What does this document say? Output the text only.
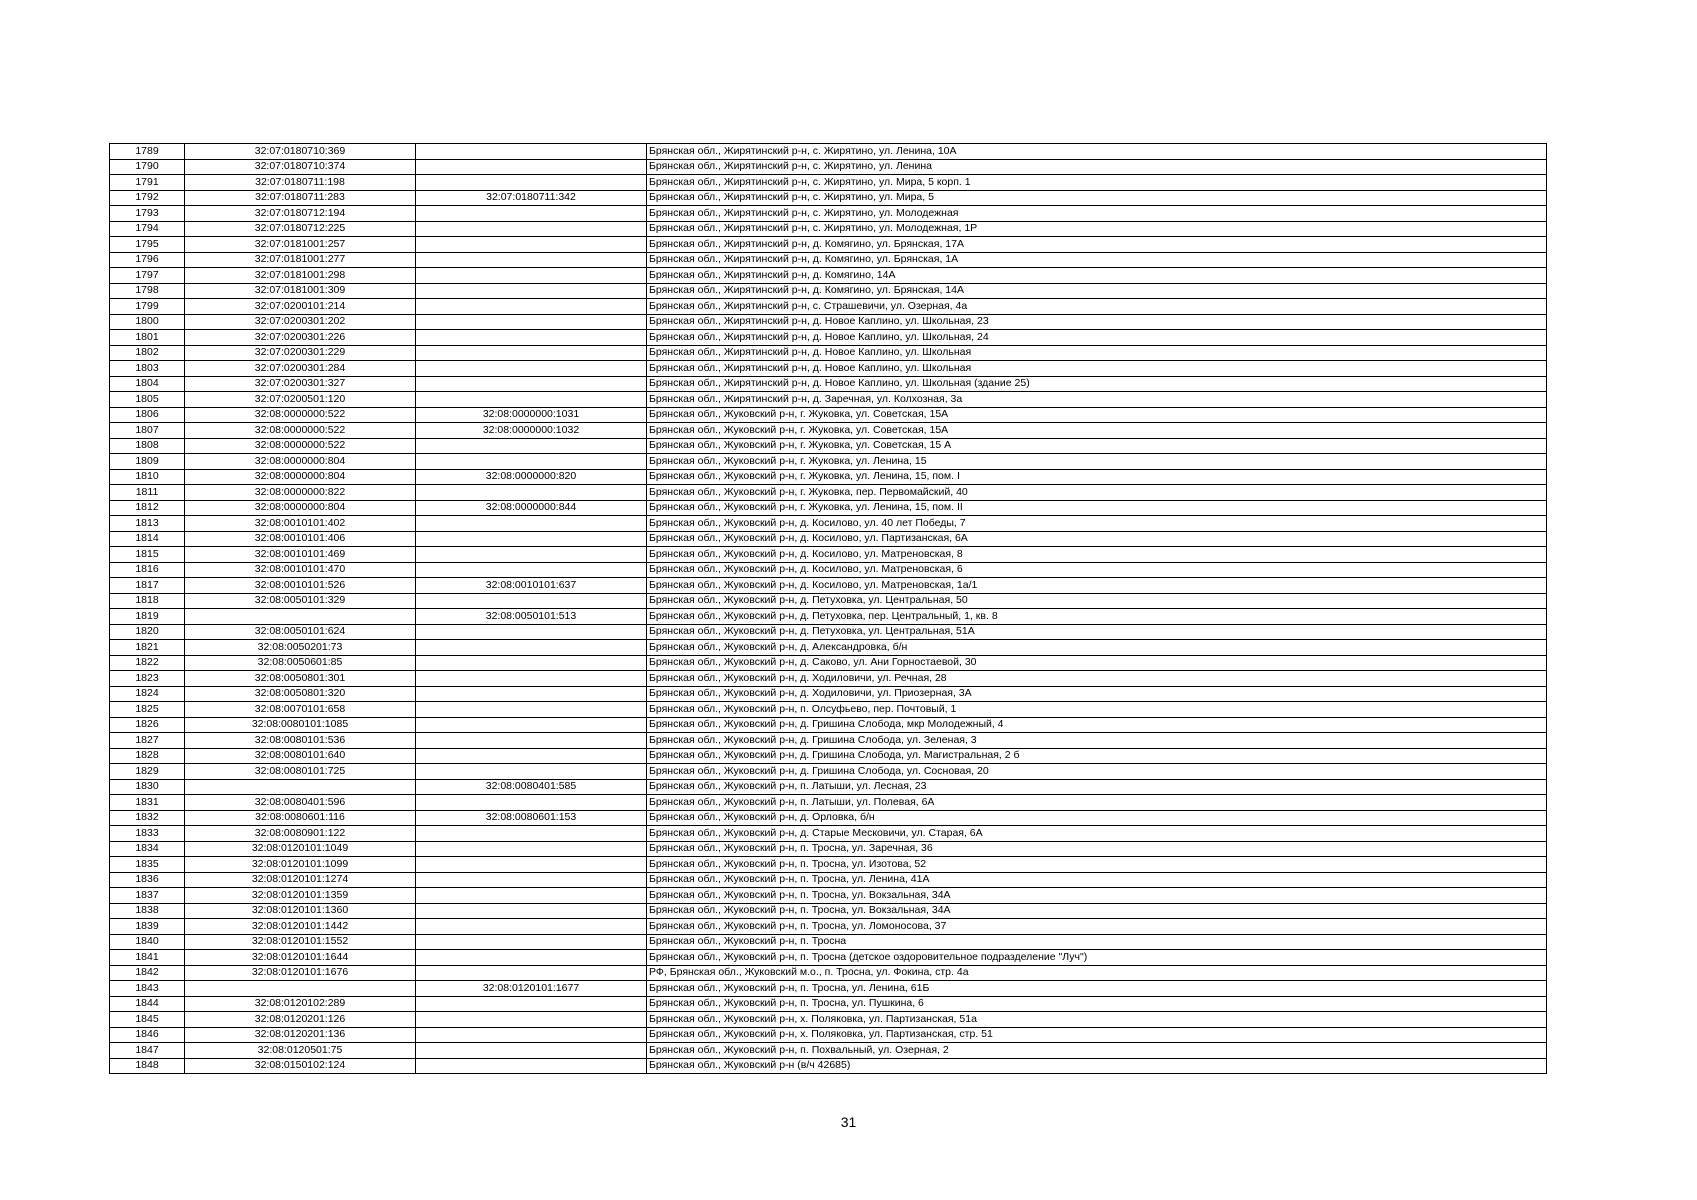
1789	32:07:0180710:369		Брянская обл., Жирятинский р-н, с. Жирятино, ул. Ленина, 10А
1790	32:07:0180710:374		Брянская обл., Жирятинский р-н, с. Жирятино, ул. Ленина
1791	32:07:0180711:198		Брянская обл., Жирятинский р-н, с. Жирятино, ул. Мира, 5 корп. 1
1792	32:07:0180711:283	32:07:0180711:342	Брянская обл., Жирятинский р-н, с. Жирятино, ул. Мира, 5
1793	32:07:0180712:194		Брянская обл., Жирятинский р-н, с. Жирятино, ул. Молодежная
1794	32:07:0180712:225		Брянская обл., Жирятинский р-н, с. Жирятино, ул. Молодежная, 1Р
1795	32:07:0181001:257		Брянская обл., Жирятинский р-н, д. Комягино, ул. Брянская, 17А
1796	32:07:0181001:277		Брянская обл., Жирятинский р-н, д. Комягино, ул. Брянская, 1А
1797	32:07:0181001:298		Брянская обл., Жирятинский р-н, д. Комягино, 14А
1798	32:07:0181001:309		Брянская обл., Жирятинский р-н, д. Комягино, ул. Брянская, 14А
1799	32:07:0200101:214		Брянская обл., Жирятинский р-н, с. Страшевичи, ул. Озерная, 4а
1800	32:07:0200301:202		Брянская обл., Жирятинский р-н, д. Новое Каплино, ул. Школьная, 23
1801	32:07:0200301:226		Брянская обл., Жирятинский р-н, д. Новое Каплино, ул. Школьная, 24
1802	32:07:0200301:229		Брянская обл., Жирятинский р-н, д. Новое Каплино, ул. Школьная
1803	32:07:0200301:284		Брянская обл., Жирятинский р-н, д. Новое Каплино, ул. Школьная
1804	32:07:0200301:327		Брянская обл., Жирятинский р-н, д. Новое Каплино, ул. Школьная (здание 25)
1805	32:07:0200501:120		Брянская обл., Жирятинский р-н, д. Заречная, ул. Колхозная, 3а
1806	32:08:0000000:522	32:08:0000000:1031	Брянская обл., Жуковский р-н, г. Жуковка, ул. Советская, 15А
1807	32:08:0000000:522	32:08:0000000:1032	Брянская обл., Жуковский р-н, г. Жуковка, ул. Советская, 15А
1808	32:08:0000000:522		Брянская обл., Жуковский р-н, г. Жуковка, ул. Советская, 15 А
1809	32:08:0000000:804		Брянская обл., Жуковский р-н, г. Жуковка, ул. Ленина, 15
1810	32:08:0000000:804	32:08:0000000:820	Брянская обл., Жуковский р-н, г. Жуковка, ул. Ленина, 15, пом. I
1811	32:08:0000000:822		Брянская обл., Жуковский р-н, г. Жуковка, пер. Первомайский, 40
1812	32:08:0000000:804	32:08:0000000:844	Брянская обл., Жуковский р-н, г. Жуковка, ул. Ленина, 15, пом. II
1813	32:08:0010101:402		Брянская обл., Жуковский р-н, д. Косилово, ул. 40 лет Победы, 7
1814	32:08:0010101:406		Брянская обл., Жуковский р-н, д. Косилово, ул. Партизанская, 6А
1815	32:08:0010101:469		Брянская обл., Жуковский р-н, д. Косилово, ул. Матреновская, 8
1816	32:08:0010101:470		Брянская обл., Жуковский р-н, д. Косилово, ул. Матреновская, 6
1817	32:08:0010101:526	32:08:0010101:637	Брянская обл., Жуковский р-н, д. Косилово, ул. Матреновская, 1а/1
1818	32:08:0050101:329		Брянская обл., Жуковский р-н, д. Петуховка, ул. Центральная, 50
1819		32:08:0050101:513	Брянская обл., Жуковский р-н, д. Петуховка, пер. Центральный, 1, кв. 8
1820	32:08:0050101:624		Брянская обл., Жуковский р-н, д. Петуховка, ул. Центральная, 51А
1821	32:08:0050201:73		Брянская обл., Жуковский р-н, д. Александровка, б/н
1822	32:08:0050601:85		Брянская обл., Жуковский р-н, д. Саково, ул. Ани Горностаевой, 30
1823	32:08:0050801:301		Брянская обл., Жуковский р-н, д. Ходиловичи, ул. Речная, 28
1824	32:08:0050801:320		Брянская обл., Жуковский р-н, д. Ходиловичи, ул. Приозерная, 3А
1825	32:08:0070101:658		Брянская обл., Жуковский р-н, п. Олсуфьево, пер. Почтовый, 1
1826	32:08:0080101:1085		Брянская обл., Жуковский р-н, д. Гришина Слобода, мкр Молодежный, 4
1827	32:08:0080101:536		Брянская обл., Жуковский р-н, д. Гришина Слобода, ул. Зеленая, 3
1828	32:08:0080101:640		Брянская обл., Жуковский р-н, д. Гришина Слобода, ул. Магистральная, 2 б
1829	32:08:0080101:725		Брянская обл., Жуковский р-н, д. Гришина Слобода, ул. Сосновая, 20
1830		32:08:0080401:585	Брянская обл., Жуковский р-н, п. Латыши, ул. Лесная, 23
1831	32:08:0080401:596		Брянская обл., Жуковский р-н, п. Латыши, ул. Полевая, 6А
1832	32:08:0080601:116	32:08:0080601:153	Брянская обл., Жуковский р-н, д. Орловка, б/н
1833	32:08:0080901:122		Брянская обл., Жуковский р-н, д. Старые Месковичи, ул. Старая, 6А
1834	32:08:0120101:1049		Брянская обл., Жуковский р-н, п. Тросна, ул. Заречная, 36
1835	32:08:0120101:1099		Брянская обл., Жуковский р-н, п. Тросна, ул. Изотова, 52
1836	32:08:0120101:1274		Брянская обл., Жуковский р-н, п. Тросна, ул. Ленина, 41А
1837	32:08:0120101:1359		Брянская обл., Жуковский р-н, п. Тросна, ул. Вокзальная, 34А
1838	32:08:0120101:1360		Брянская обл., Жуковский р-н, п. Тросна, ул. Вокзальная, 34А
1839	32:08:0120101:1442		Брянская обл., Жуковский р-н, п. Тросна, ул. Ломоносова, 37
1840	32:08:0120101:1552		Брянская обл., Жуковский р-н, п. Тросна
1841	32:08:0120101:1644		Брянская обл., Жуковский р-н, п. Тросна (детское оздоровительное подразделение "Луч")
1842	32:08:0120101:1676		РФ, Брянская обл., Жуковский м.о., п. Тросна, ул. Фокина, стр. 4а
1843		32:08:0120101:1677	Брянская обл., Жуковский р-н, п. Тросна, ул. Ленина, 61Б
1844	32:08:0120102:289		Брянская обл., Жуковский р-н, п. Тросна, ул. Пушкина, 6
1845	32:08:0120201:126		Брянская обл., Жуковский р-н, х. Поляковка, ул. Партизанская, 51а
1846	32:08:0120201:136		Брянская обл., Жуковский р-н, х. Поляковка, ул. Партизанская, стр. 51
1847	32:08:0120501:75		Брянская обл., Жуковский р-н, п. Похвальный, ул. Озерная, 2
1848	32:08:0150102:124		Брянская обл., Жуковский р-н (в/ч 42685)
31
